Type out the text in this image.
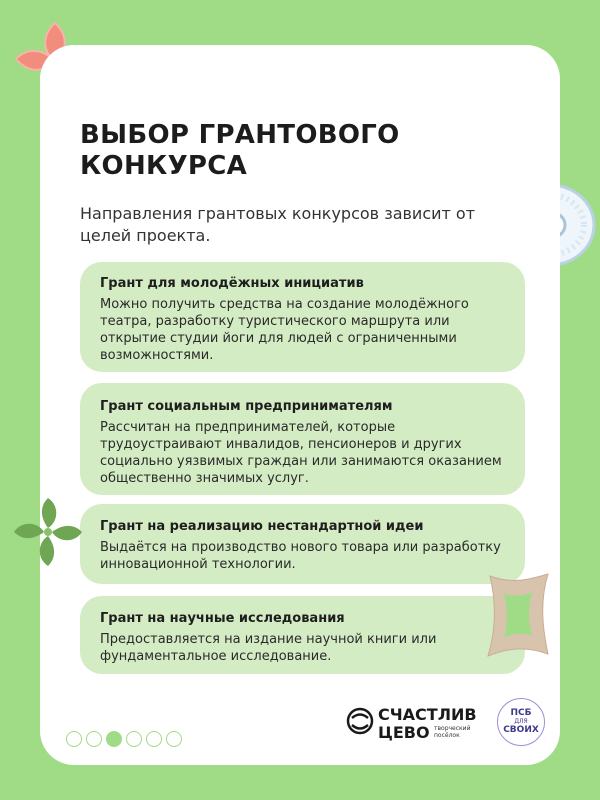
ВЫБОР ГРАНТОВОГО КОНКУРСА

Направления грантовых конкурсов зависит от целей проекта.

Грант для молодёжных инициатив

Можно получить средства на создание молодёжного театра, разработку туристического маршрута или открытие студии йоги для людей с ограниченными возможностями.

Грант социальным предпринимателям

Рассчитан на предпринимателей, которые трудоустраивают инвалидов, пенсионеров и других социально уязвимых граждан или занимаются оказанием общественно значимых услуг.

Грант на реализацию нестандартной идеи

Выдаётся на производство нового товара или разработку инновационной технологии.

Грант на научные исследования

Предоставляется на издание научной книги или фундаментальное исследование.

СЧАСТЛИВ
ЦЕВО творческий посёлок
ПСБ
ДЛЯ
СВОИХ
